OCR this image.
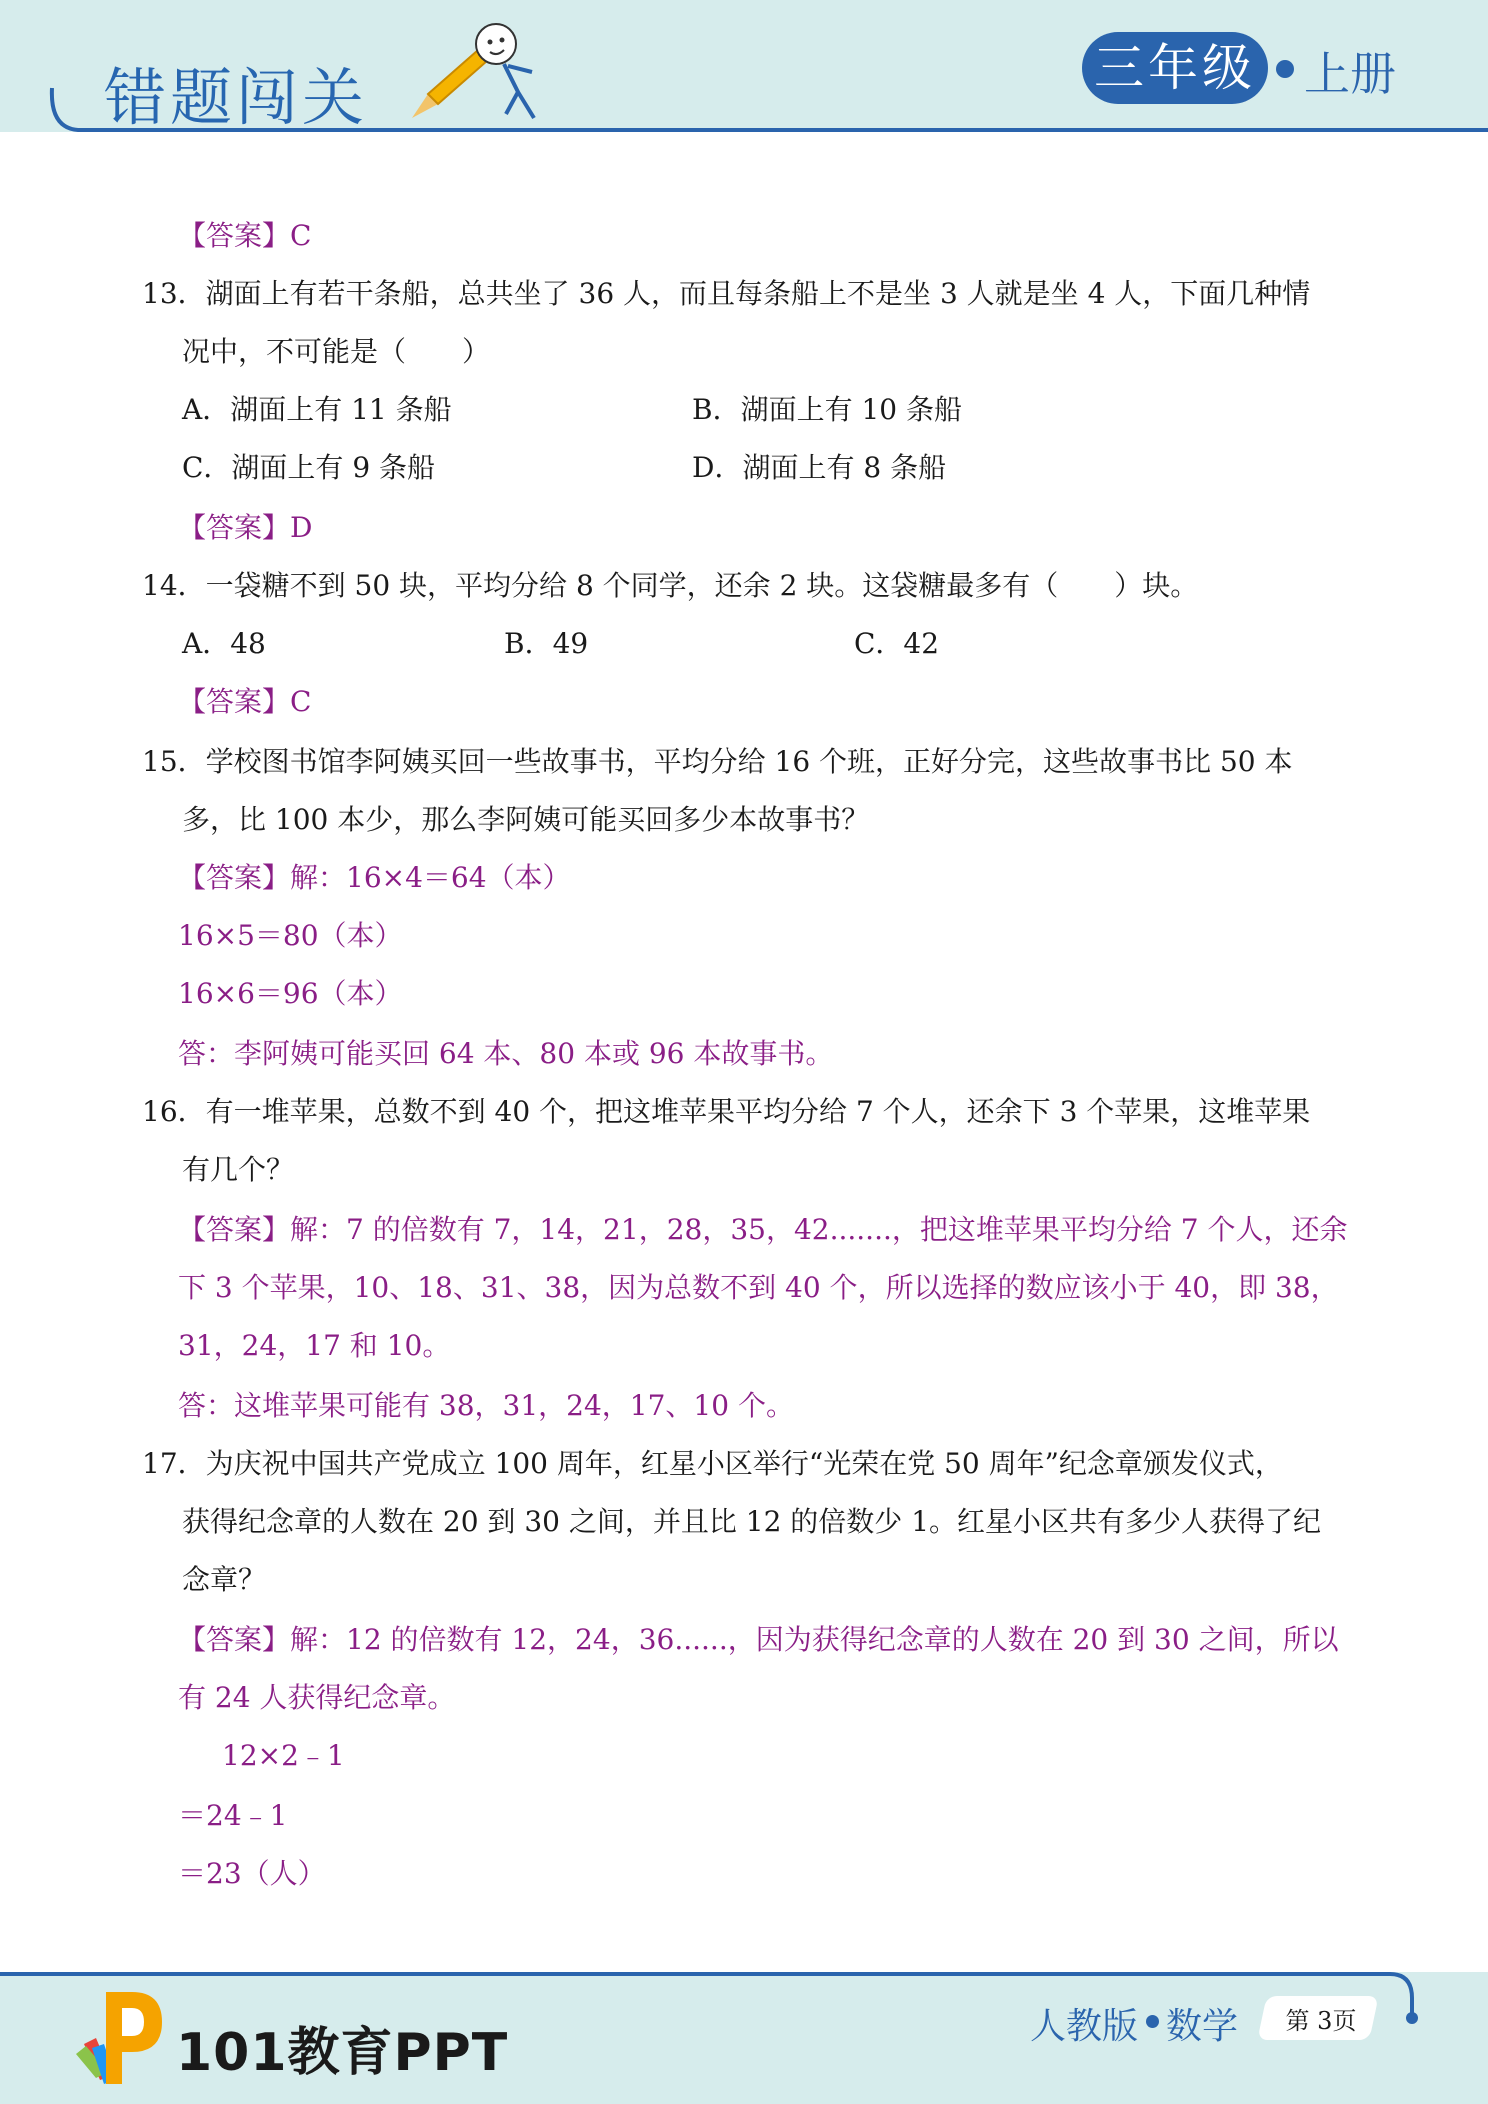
错题闯关	三年级 上册
【答案】C
13．湖面上有若干条船，总共坐了 36 人，而且每条船上不是坐 3 人就是坐 4 人，下面几种情
况中，不可能是（　　）
A．湖面上有 11 条船	B．湖面上有 10 条船
C．湖面上有 9 条船	D．湖面上有 8 条船
【答案】D
14．一袋糖不到 50 块，平均分给 8 个同学，还余 2 块。这袋糖最多有（　　）块。
A．48	B．49	C．42
【答案】C
15．学校图书馆李阿姨买回一些故事书，平均分给 16 个班，正好分完，这些故事书比 50 本
多，比 100 本少，那么李阿姨可能买回多少本故事书？
【答案】解：16×4＝64（本）
16×5＝80（本）
16×6＝96（本）
答：李阿姨可能买回 64 本、80 本或 96 本故事书。
16．有一堆苹果，总数不到 40 个，把这堆苹果平均分给 7 个人，还余下 3 个苹果，这堆苹果
有几个？
【答案】解：7 的倍数有 7，14，21，28，35，42.......，把这堆苹果平均分给 7 个人，还余
下 3 个苹果，10、18、31、38，因为总数不到 40 个，所以选择的数应该小于 40，即 38，
31，24，17 和 10。
答：这堆苹果可能有 38，31，24，17、10 个。
17．为庆祝中国共产党成立 100 周年，红星小区举行“光荣在党 50 周年”纪念章颁发仪式，
获得纪念章的人数在 20 到 30 之间，并且比 12 的倍数少 1。红星小区共有多少人获得了纪
念章？
【答案】解：12 的倍数有 12，24，36......，因为获得纪念章的人数在 20 到 30 之间，所以
有 24 人获得纪念章。
12×2﹣1
＝24﹣1
＝23（人）
101教育PPT	人教版 数学	第 3页
